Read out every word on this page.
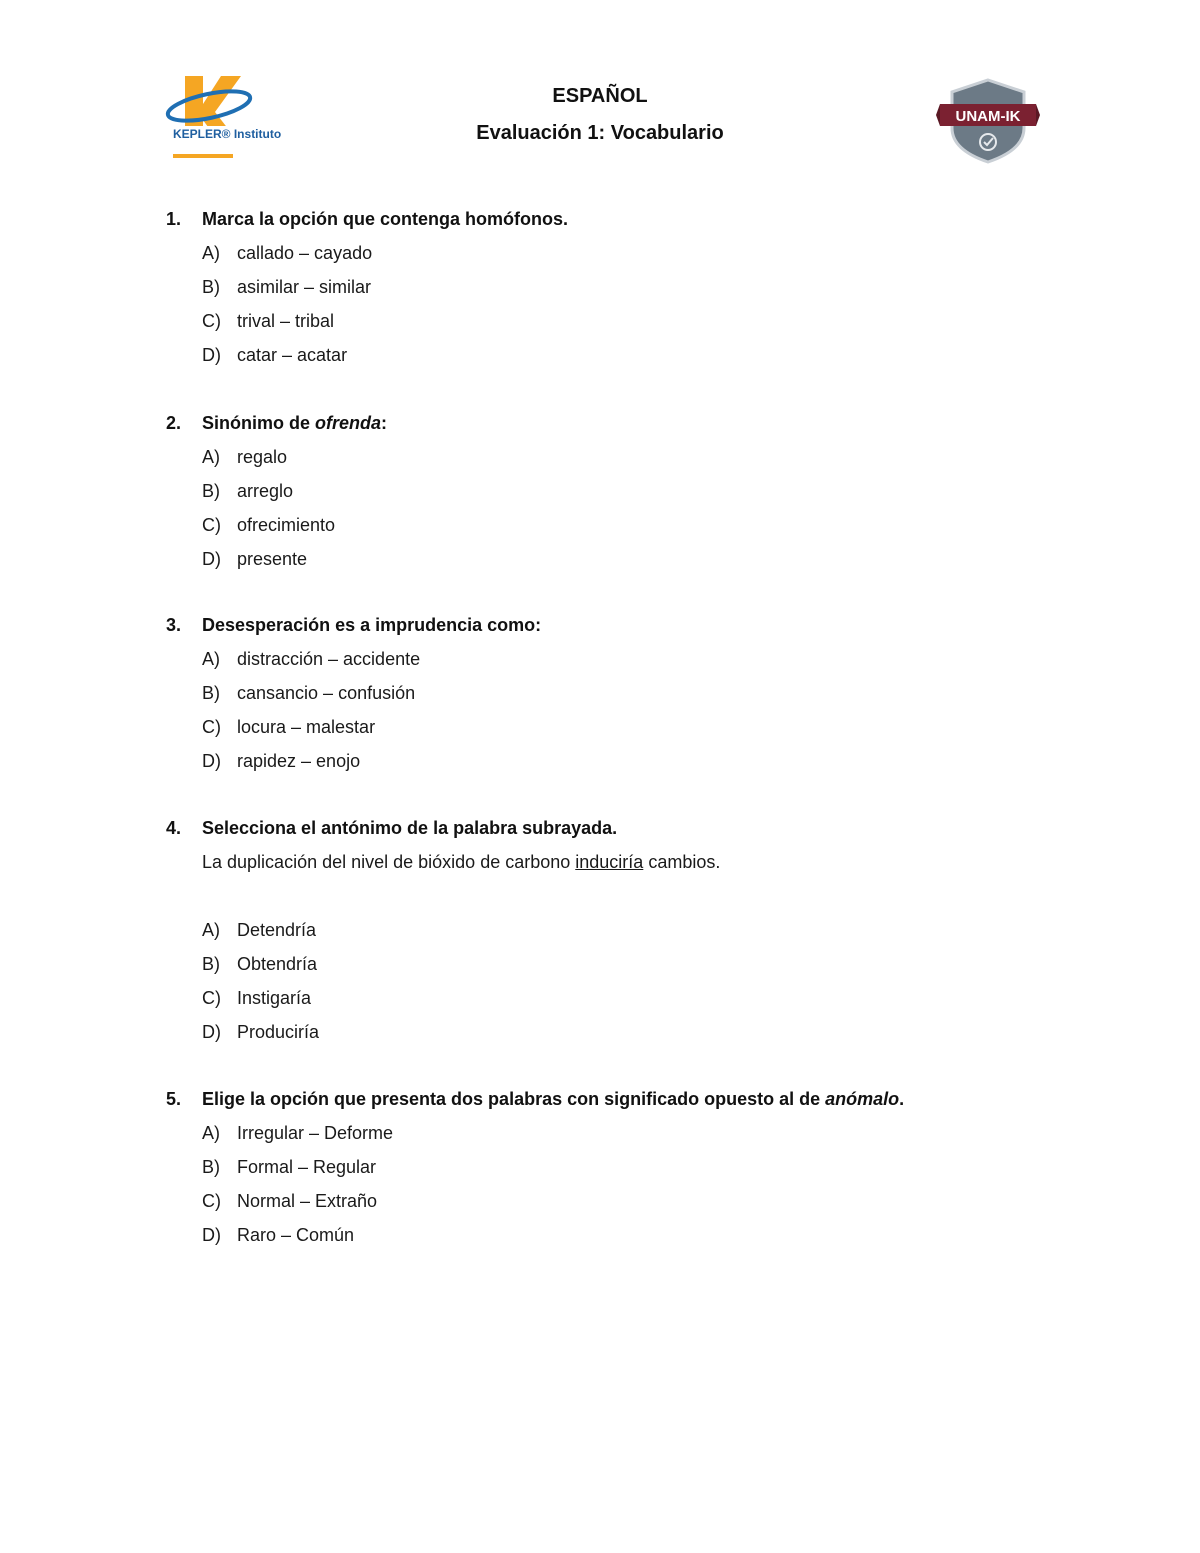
KEPLER® Instituto
UNAM-IK
ESPAÑOL
Evaluación 1: Vocabulario
1.	Marca la opción que contenga homófonos.
A) callado – cayado
B) asimilar – similar
C) trival – tribal
D) catar – acatar
2.	Sinónimo de ofrenda:
A) regalo
B) arreglo
C) ofrecimiento
D) presente
3.	Desesperación es a imprudencia como:
A) distracción – accidente
B) cansancio – confusión
C) locura – malestar
D) rapidez – enojo
4.	Selecciona el antónimo de la palabra subrayada.
La duplicación del nivel de bióxido de carbono induciría cambios.
A) Detendría
B) Obtendría
C) Instigaría
D) Produciría
5.	Elige la opción que presenta dos palabras con significado opuesto al de anómalo.
A) Irregular – Deforme
B) Formal – Regular
C) Normal – Extraño
D) Raro – Común
